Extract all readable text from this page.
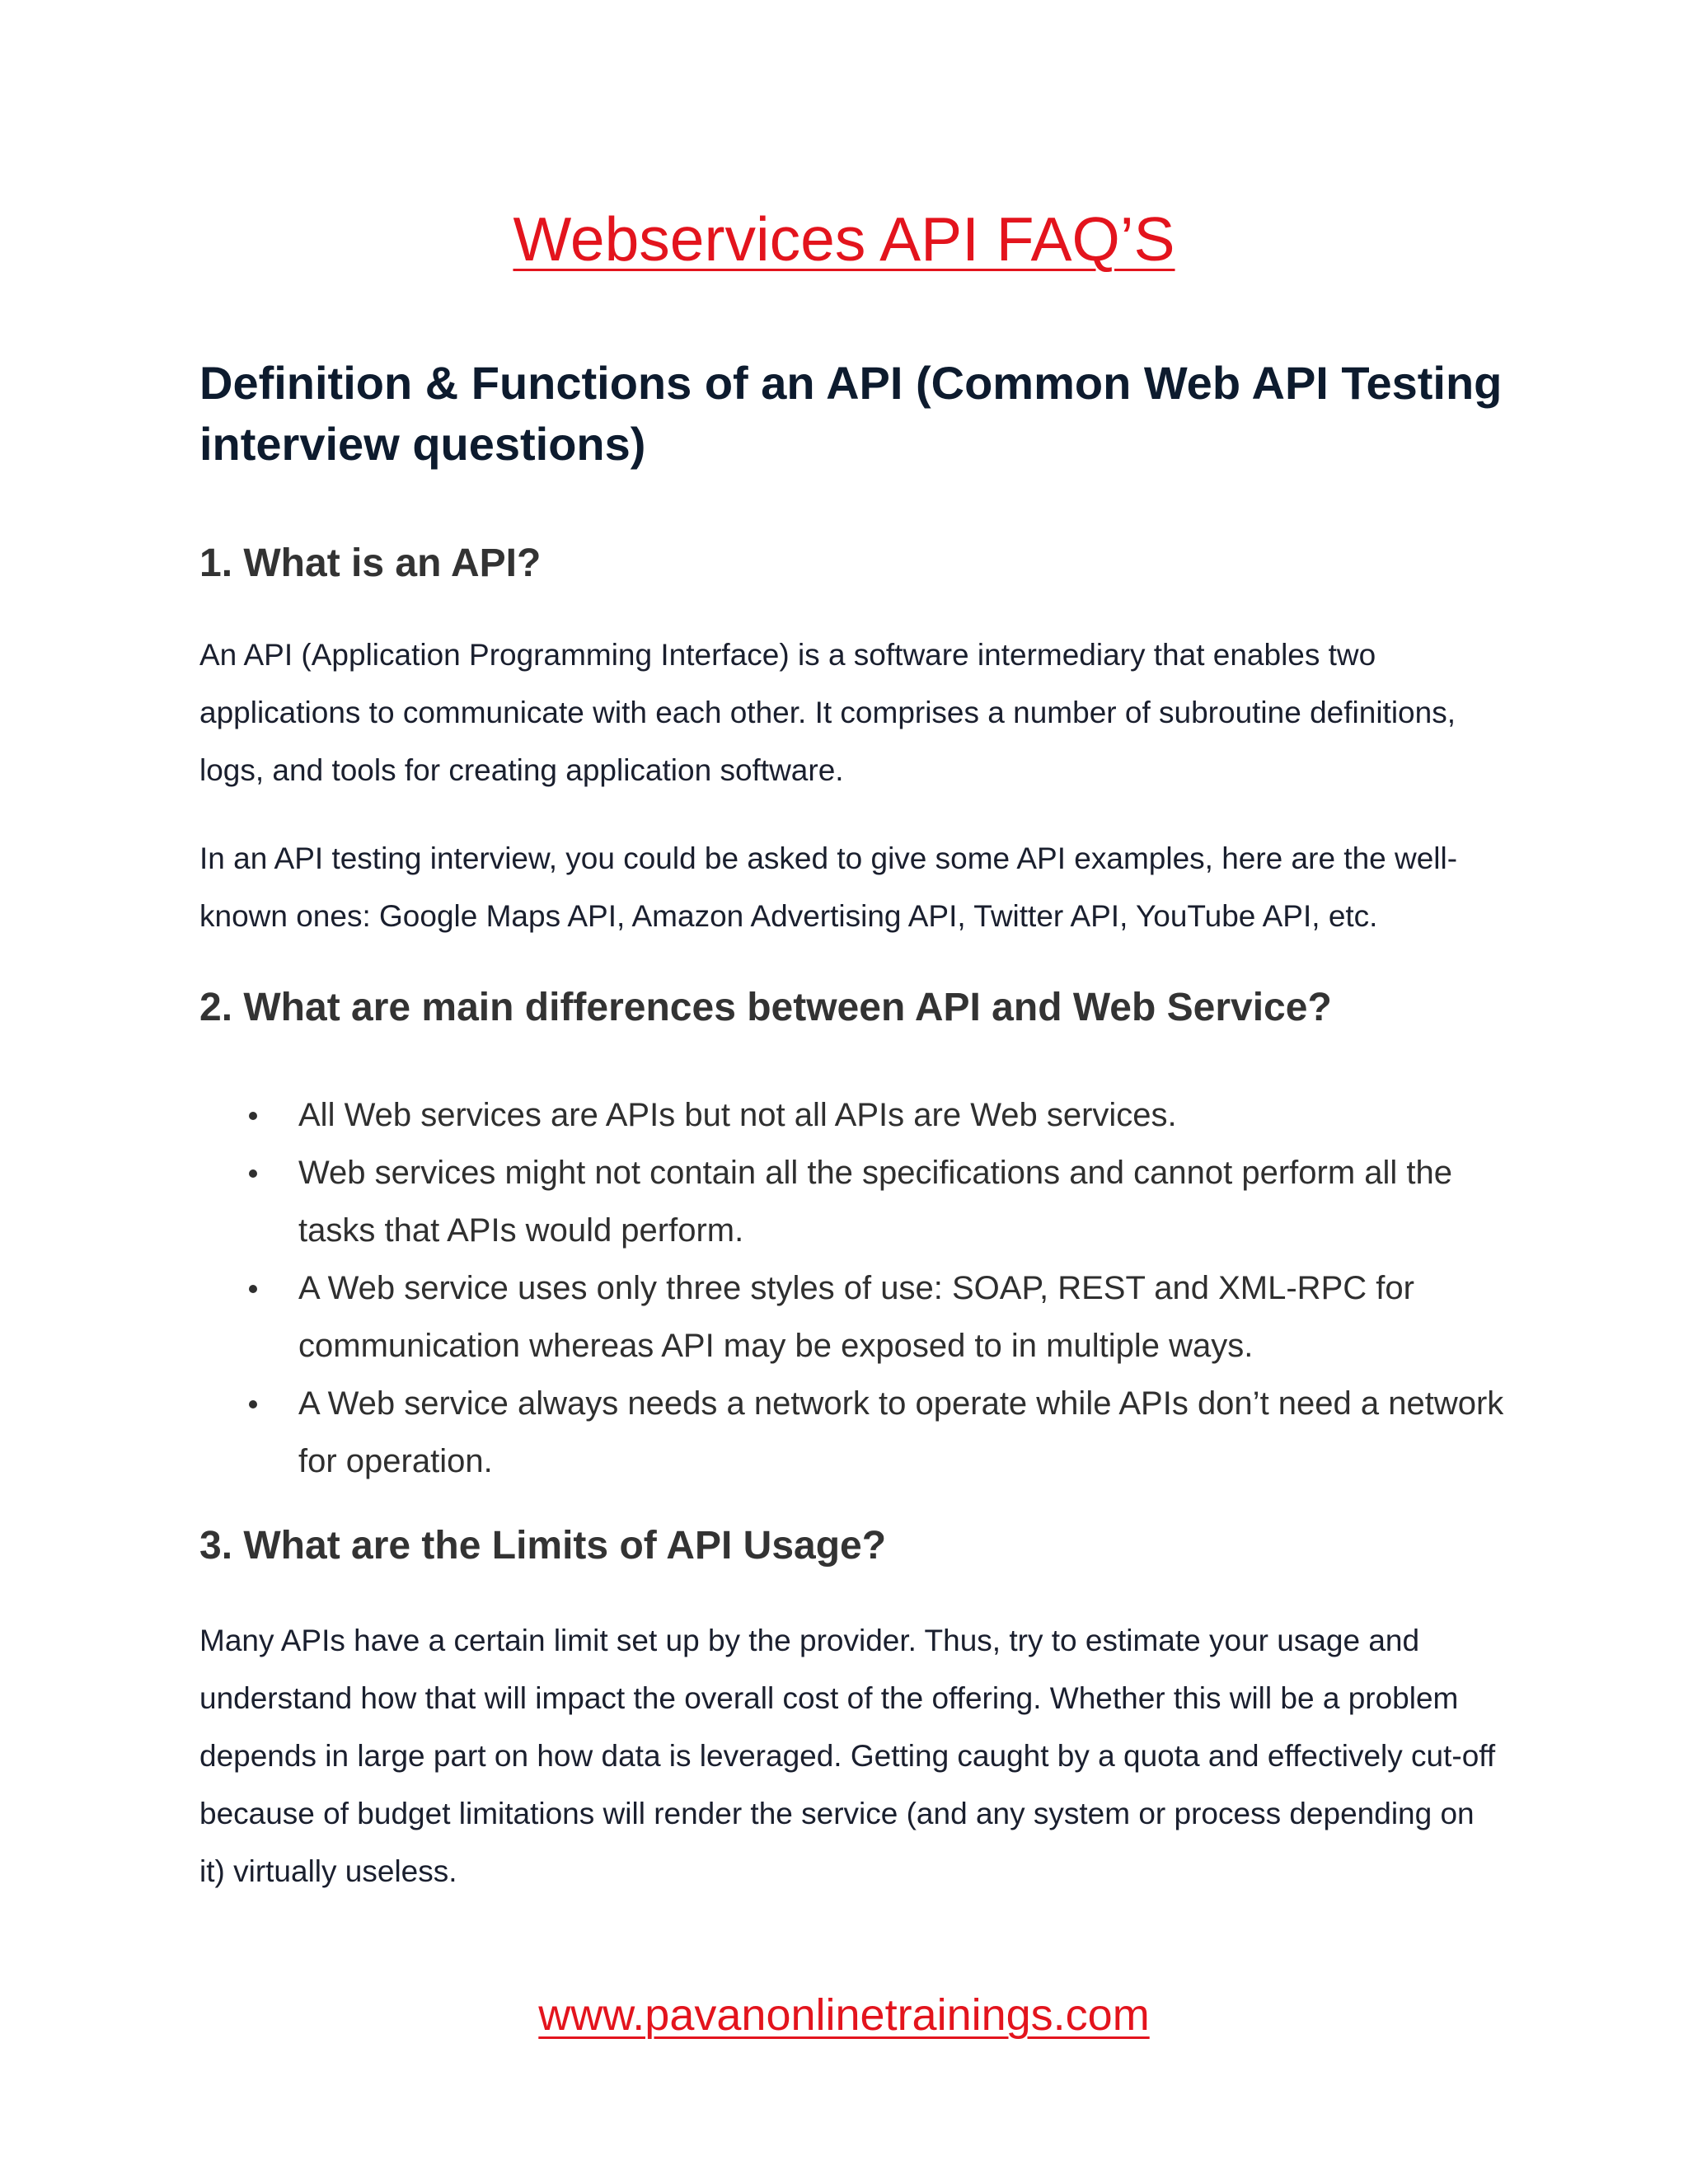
Webservices API FAQ’S
Definition & Functions of an API (Common Web API Testing interview questions)
1. What is an API?

An API (Application Programming Interface) is a software intermediary that enables two applications to communicate with each other. It comprises a number of subroutine definitions, logs, and tools for creating application software.

In an API testing interview, you could be asked to give some API examples, here are the well-known ones: Google Maps API, Amazon Advertising API, Twitter API, YouTube API, etc.

2. What are main differences between API and Web Service?
All Web services are APIs but not all APIs are Web services.
Web services might not contain all the specifications and cannot perform all the tasks that APIs would perform.
A Web service uses only three styles of use: SOAP, REST and XML-RPC for communication whereas API may be exposed to in multiple ways.
A Web service always needs a network to operate while APIs don’t need a network for operation.
3. What are the Limits of API Usage?

Many APIs have a certain limit set up by the provider. Thus, try to estimate your usage and understand how that will impact the overall cost of the offering. Whether this will be a problem depends in large part on how data is leveraged. Getting caught by a quota and effectively cut-off because of budget limitations will render the service (and any system or process depending on it) virtually useless.

www.pavanonlinetrainings.com
